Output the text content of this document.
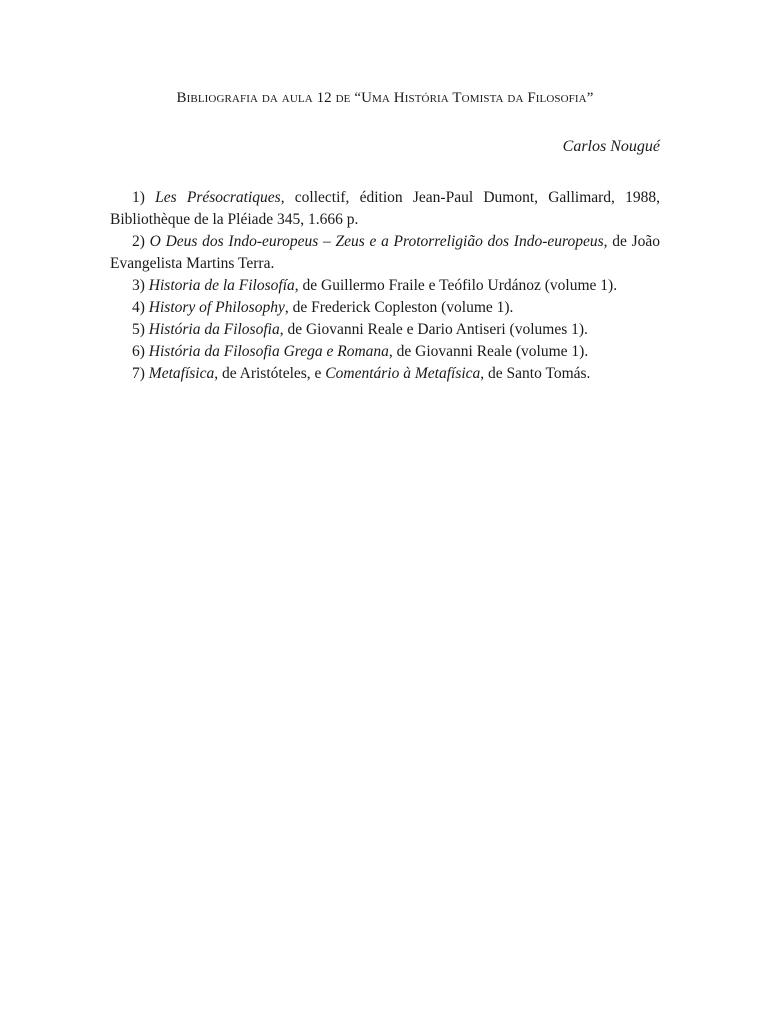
Bibliografia da aula 12 de “Uma História Tomista da Filosofia”
Carlos Nougué

1) Les Présocratiques, collectif, édition Jean-Paul Dumont, Gallimard, 1988, Bibliothèque de la Pléiade 345, 1.666 p.

2) O Deus dos Indo-europeus – Zeus e a Protorreligião dos Indo-europeus, de João Evangelista Martins Terra.

3) Historia de la Filosofía, de Guillermo Fraile e Teófilo Urdánoz (volume 1).

4) History of Philosophy, de Frederick Copleston (volume 1).

5) História da Filosofia, de Giovanni Reale e Dario Antiseri (volumes 1).

6) História da Filosofia Grega e Romana, de Giovanni Reale (volume 1).

7) Metafísica, de Aristóteles, e Comentário à Metafísica, de Santo Tomás.
